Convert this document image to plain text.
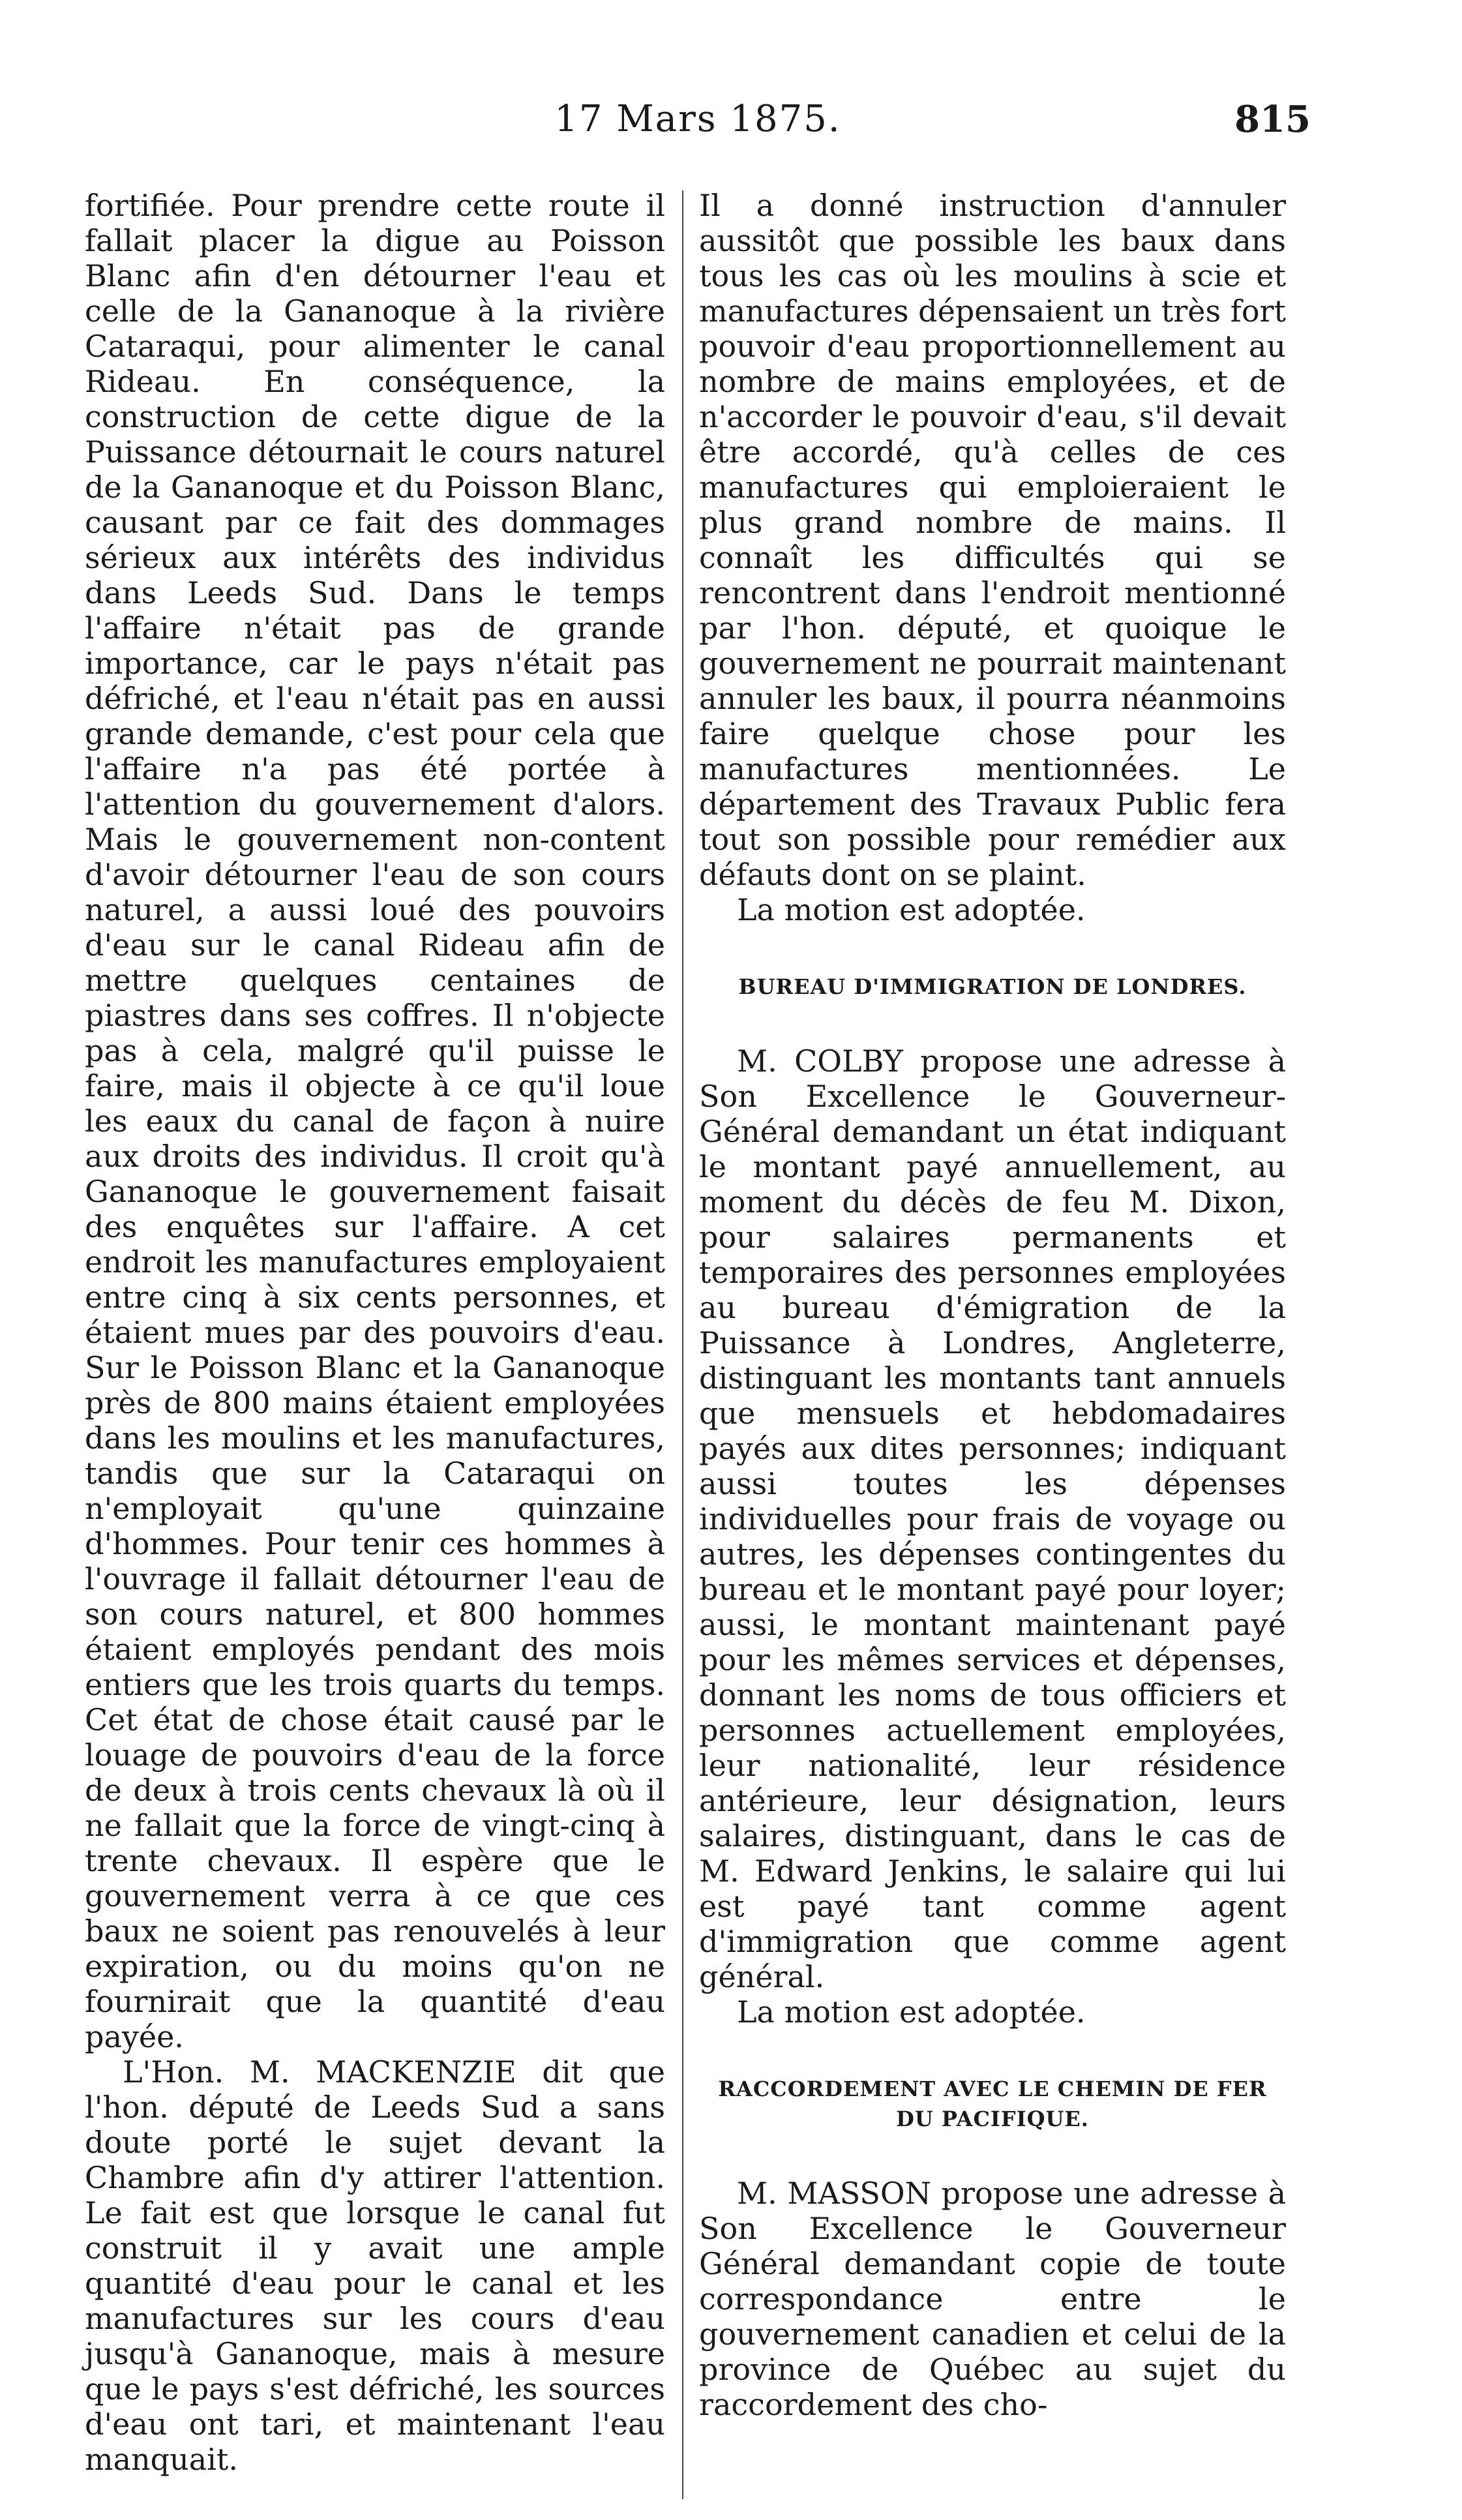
17 Mars 1875.	815

fortifiée. Pour prendre cette route il fallait placer la digue au Poisson Blanc afin d'en détourner l'eau et celle de la Gananoque à la rivière Cataraqui, pour alimenter le canal Rideau. En conséquence, la construction de cette digue de la Puissance détournait le cours naturel de la Gananoque et du Poisson Blanc, causant par ce fait des dommages sérieux aux intérêts des individus dans Leeds Sud. Dans le temps l'affaire n'était pas de grande importance, car le pays n'était pas défriché, et l'eau n'était pas en aussi grande demande, c'est pour cela que l'affaire n'a pas été portée à l'attention du gouvernement d'alors. Mais le gouvernement non-content d'avoir détourner l'eau de son cours naturel, a aussi loué des pouvoirs d'eau sur le canal Rideau afin de mettre quelques centaines de piastres dans ses coffres. Il n'objecte pas à cela, malgré qu'il puisse le faire, mais il objecte à ce qu'il loue les eaux du canal de façon à nuire aux droits des individus. Il croit qu'à Gananoque le gouvernement faisait des enquêtes sur l'affaire. A cet endroit les manufactures employaient entre cinq à six cents personnes, et étaient mues par des pouvoirs d'eau. Sur le Poisson Blanc et la Gananoque près de 800 mains étaient employées dans les moulins et les manufactures, tandis que sur la Cataraqui on n'employait qu'une quinzaine d'hommes. Pour tenir ces hommes à l'ouvrage il fallait détourner l'eau de son cours naturel, et 800 hommes étaient employés pendant des mois entiers que les trois quarts du temps. Cet état de chose était causé par le louage de pouvoirs d'eau de la force de deux à trois cents chevaux là où il ne fallait que la force de vingt-cinq à trente chevaux. Il espère que le gouvernement verra à ce que ces baux ne soient pas renouvelés à leur expiration, ou du moins qu'on ne fournirait que la quantité d'eau payée.

L'Hon. M. MACKENZIE dit que l'hon. député de Leeds Sud a sans doute porté le sujet devant la Chambre afin d'y attirer l'attention. Le fait est que lorsque le canal fut construit il y avait une ample quantité d'eau pour le canal et les manufactures sur les cours d'eau jusqu'à Gananoque, mais à mesure que le pays s'est défriché, les sources d'eau ont tari, et maintenant l'eau manquait.

Il a donné instruction d'annuler aussitôt que possible les baux dans tous les cas où les moulins à scie et manufactures dépensaient un très fort pouvoir d'eau proportionnellement au nombre de mains employées, et de n'accorder le pouvoir d'eau, s'il devait être accordé, qu'à celles de ces manufactures qui emploieraient le plus grand nombre de mains. Il connaît les difficultés qui se rencontrent dans l'endroit mentionné par l'hon. député, et quoique le gouvernement ne pourrait maintenant annuler les baux, il pourra néanmoins faire quelque chose pour les manufactures mentionnées. Le département des Travaux Public fera tout son possible pour remédier aux défauts dont on se plaint.

La motion est adoptée.

BUREAU D'IMMIGRATION DE LONDRES.

M. COLBY propose une adresse à Son Excellence le Gouverneur-Général demandant un état indiquant le montant payé annuellement, au moment du décès de feu M. Dixon, pour salaires permanents et temporaires des personnes employées au bureau d'émigration de la Puissance à Londres, Angleterre, distinguant les montants tant annuels que mensuels et hebdomadaires payés aux dites personnes; indiquant aussi toutes les dépenses individuelles pour frais de voyage ou autres, les dépenses contingentes du bureau et le montant payé pour loyer; aussi, le montant maintenant payé pour les mêmes services et dépenses, donnant les noms de tous officiers et personnes actuellement employées, leur nationalité, leur résidence antérieure, leur désignation, leurs salaires, distinguant, dans le cas de M. Edward Jenkins, le salaire qui lui est payé tant comme agent d'immigration que comme agent général.

La motion est adoptée.

RACCORDEMENT AVEC LE CHEMIN DE FER DU PACIFIQUE.

M. MASSON propose une adresse à Son Excellence le Gouverneur Général demandant copie de toute correspondance entre le gouvernement canadien et celui de la province de Québec au sujet du raccordement des cho-
